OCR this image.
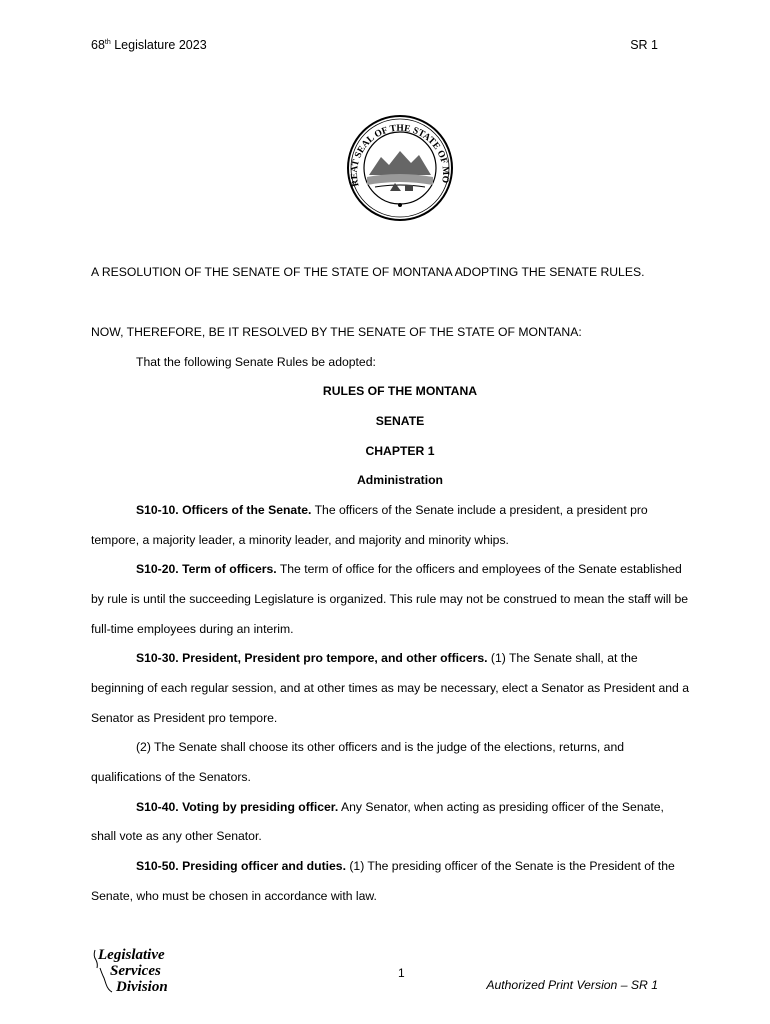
68th Legislature 2023	SR 1
REAT SEAL OF THE STATE OF MO
A RESOLUTION OF THE SENATE OF THE STATE OF MONTANA ADOPTING THE SENATE RULES.
NOW, THEREFORE, BE IT RESOLVED BY THE SENATE OF THE STATE OF MONTANA:
That the following Senate Rules be adopted:
RULES OF THE MONTANA
SENATE
CHAPTER 1
Administration
S10-10. Officers of the Senate. The officers of the Senate include a president, a president pro
tempore, a majority leader, a minority leader, and majority and minority whips.
S10-20. Term of officers. The term of office for the officers and employees of the Senate established
by rule is until the succeeding Legislature is organized. This rule may not be construed to mean the staff will be
full-time employees during an interim.
S10-30. President, President pro tempore, and other officers. (1) The Senate shall, at the
beginning of each regular session, and at other times as may be necessary, elect a Senator as President and a
Senator as President pro tempore.
(2) The Senate shall choose its other officers and is the judge of the elections, returns, and
qualifications of the Senators.
S10-40. Voting by presiding officer. Any Senator, when acting as presiding officer of the Senate,
shall vote as any other Senator.
S10-50. Presiding officer and duties. (1) The presiding officer of the Senate is the President of the
Senate, who must be chosen in accordance with law.
Legislative
Services
Division
1
Authorized Print Version – SR 1
